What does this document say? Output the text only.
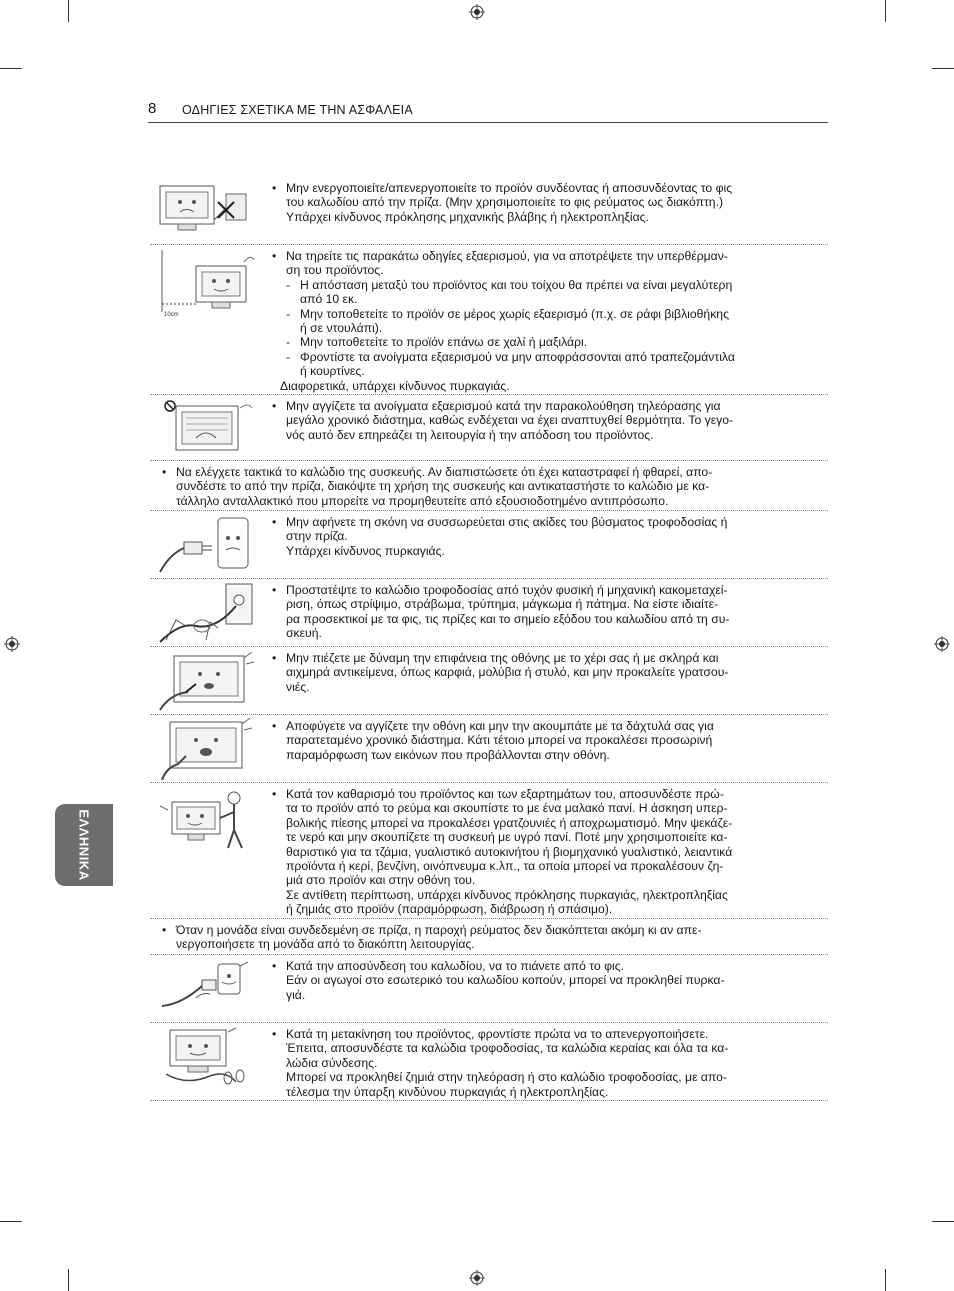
8 ΟΔΗΓΙΕΣ ΣΧΕΤΙΚΑ ΜΕ ΤΗΝ ΑΣΦΑΛΕΙΑ
ΕΛΛΗΝΙΚΑ
• Μην ενεργοποιείτε/απενεργοποιείτε το προϊόν συνδέοντας ή αποσυνδέοντας το φις
του καλωδίου από την πρίζα. (Μην χρησιμοποιείτε το φις ρεύματος ως διακόπτη.)
Υπάρχει κίνδυνος πρόκλησης μηχανικής βλάβης ή ηλεκτροπληξίας.
10cm
• Να τηρείτε τις παρακάτω οδηγίες εξαερισμού, για να αποτρέψετε την υπερθέρμαν-
ση του προϊόντος.
- Η απόσταση μεταξύ του προϊόντος και του τοίχου θα πρέπει να είναι μεγαλύτερη
από 10 εκ.
- Μην τοποθετείτε το προϊόν σε μέρος χωρίς εξαερισμό (π.χ. σε ράφι βιβλιοθήκης
ή σε ντουλάπι).
- Μην τοποθετείτε το προϊόν επάνω σε χαλί ή μαξιλάρι.
- Φροντίστε τα ανοίγματα εξαερισμού να μην αποφράσσονται από τραπεζομάντιλα
ή κουρτίνες.
Διαφορετικά, υπάρχει κίνδυνος πυρκαγιάς.
• Μην αγγίζετε τα ανοίγματα εξαερισμού κατά την παρακολούθηση τηλεόρασης για
μεγάλο χρονικό διάστημα, καθώς ενδέχεται να έχει αναπτυχθεί θερμότητα. Το γεγο-
νός αυτό δεν επηρεάζει τη λειτουργία ή την απόδοση του προϊόντος.
• Να ελέγχετε τακτικά το καλώδιο της συσκευής. Αν διαπιστώσετε ότι έχει καταστραφεί ή φθαρεί, απο-
συνδέστε το από την πρίζα, διακόψτε τη χρήση της συσκευής και αντικαταστήστε το καλώδιο με κα-
τάλληλο ανταλλακτικό που μπορείτε να προμηθευτείτε από εξουσιοδοτημένο αντιπρόσωπο.
• Μην αφήνετε τη σκόνη να συσσωρεύεται στις ακίδες του βύσματος τροφοδοσίας ή
στην πρίζα.
Υπάρχει κίνδυνος πυρκαγιάς.
• Προστατέψτε το καλώδιο τροφοδοσίας από τυχόν φυσική ή μηχανική κακομεταχεί-
ριση, όπως στρίψιμο, στράβωμα, τρύπημα, μάγκωμα ή πάτημα. Να είστε ιδιαίτε-
ρα προσεκτικοί με τα φις, τις πρίζες και το σημείο εξόδου του καλωδίου από τη συ-
σκευή.
• Μην πιέζετε με δύναμη την επιφάνεια της οθόνης με το χέρι σας ή με σκληρά και
αιχμηρά αντικείμενα, όπως καρφιά, μολύβια ή στυλό, και μην προκαλείτε γρατσου-
νιές.
• Αποφύγετε να αγγίζετε την οθόνη και μην την ακουμπάτε με τα δάχτυλά σας για
παρατεταμένο χρονικό διάστημα. Κάτι τέτοιο μπορεί να προκαλέσει προσωρινή
παραμόρφωση των εικόνων που προβάλλονται στην οθόνη.
• Κατά τον καθαρισμό του προϊόντος και των εξαρτημάτων του, αποσυνδέστε πρώ-
τα το προϊόν από το ρεύμα και σκουπίστε το με ένα μαλακό πανί. Η άσκηση υπερ-
βολικής πίεσης μπορεί να προκαλέσει γρατζουνιές ή αποχρωματισμό. Μην ψεκάζε-
τε νερό και μην σκουπίζετε τη συσκευή με υγρό πανί. Ποτέ μην χρησιμοποιείτε κα-
θαριστικό για τα τζάμια, γυαλιστικό αυτοκινήτου ή βιομηχανικό γυαλιστικό, λειαντικά
προϊόντα ή κερί, βενζίνη, οινόπνευμα κ.λπ., τα οποία μπορεί να προκαλέσουν ζη-
μιά στο προϊόν και στην οθόνη του.
Σε αντίθετη περίπτωση, υπάρχει κίνδυνος πρόκλησης πυρκαγιάς, ηλεκτροπληξίας
ή ζημιάς στο προϊόν (παραμόρφωση, διάβρωση ή σπάσιμο).
• Όταν η μονάδα είναι συνδεδεμένη σε πρίζα, η παροχή ρεύματος δεν διακόπτεται ακόμη κι αν απε-
νεργοποιήσετε τη μονάδα από το διακόπτη λειτουργίας.
• Κατά την αποσύνδεση του καλωδίου, να το πιάνετε από το φις.
Εάν οι αγωγοί στο εσωτερικό του καλωδίου κοπούν, μπορεί να προκληθεί πυρκα-
γιά.
• Κατά τη μετακίνηση του προϊόντος, φροντίστε πρώτα να το απενεργοποιήσετε.
Έπειτα, αποσυνδέστε τα καλώδια τροφοδοσίας, τα καλώδια κεραίας και όλα τα κα-
λώδια σύνδεσης.
Μπορεί να προκληθεί ζημιά στην τηλεόραση ή στο καλώδιο τροφοδοσίας, με απο-
τέλεσμα την ύπαρξη κινδύνου πυρκαγιάς ή ηλεκτροπληξίας.
